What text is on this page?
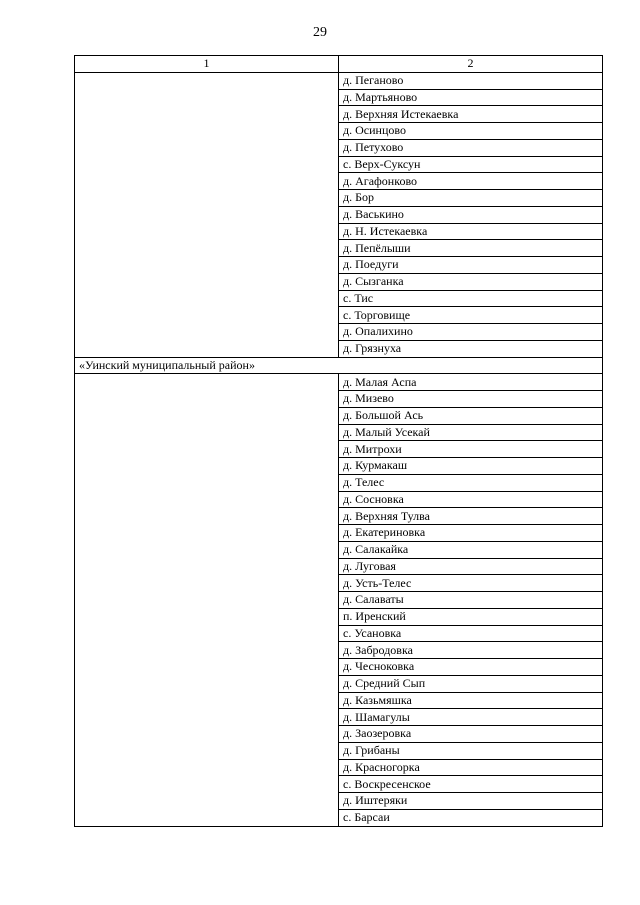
29
1	2
	д. Пеганово
	д. Мартьяново
	д. Верхняя Истекаевка
	д. Осинцово
	д. Петухово
	с. Верх-Суксун
	д. Агафонково
	д. Бор
	д. Васькино
	д. Н. Истекаевка
	д. Пепёлыши
	д. Поедуги
	д. Сызганка
	с. Тис
	с. Торговище
	д. Опалихино
	д. Грязнуха
«Уинский муниципальный район»	
	д. Малая Аспа
	д. Мизево
	д. Большой Ась
	д. Малый Усекай
	д. Митрохи
	д. Курмакаш
	д. Телес
	д. Сосновка
	д. Верхняя Тулва
	д. Екатериновка
	д. Салакайка
	д. Луговая
	д. Усть-Телес
	д. Салаваты
	п. Иренский
	с. Усановка
	д. Забродовка
	д. Чесноковка
	д. Средний Сып
	д. Казьмяшка
	д. Шамагулы
	д. Заозеровка
	д. Грибаны
	д. Красногорка
	с. Воскресенское
	д. Иштеряки
	с. Барсаи
